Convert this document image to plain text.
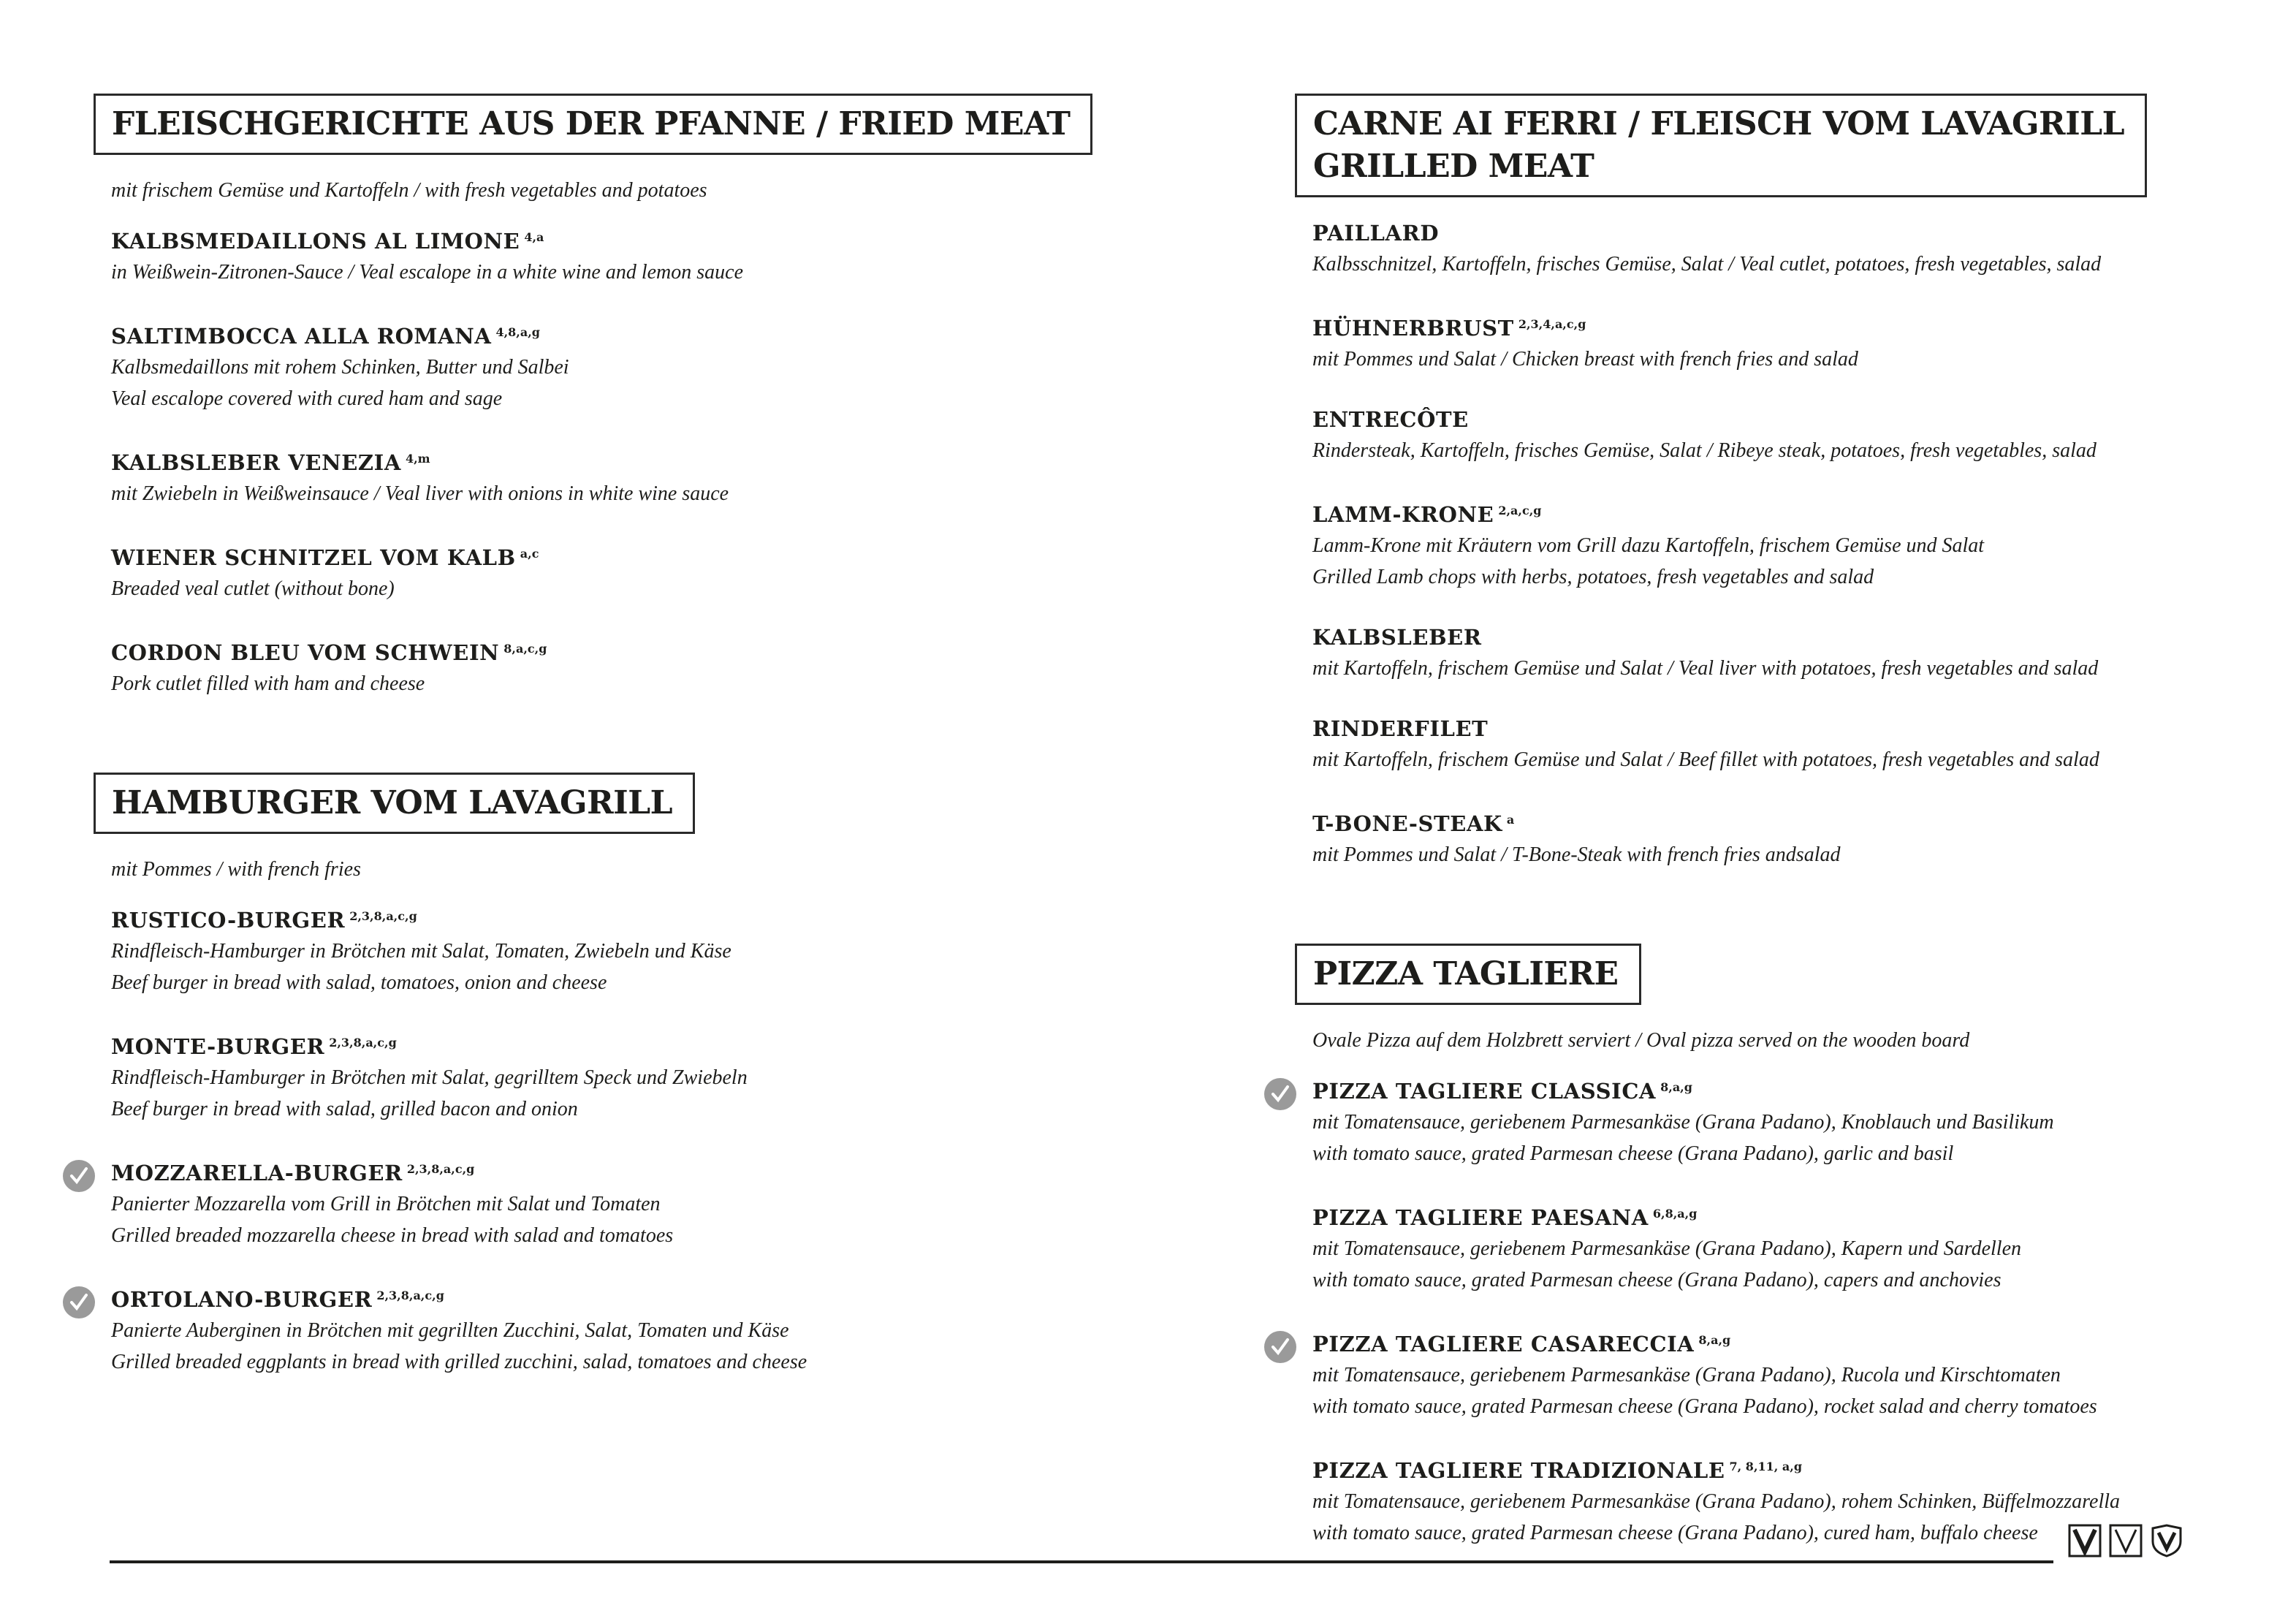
FLEISCHGERICHTE AUS DER PFANNE / FRIED MEAT
mit frischem Gemüse und Kartoffeln / with fresh vegetables and potatoes
KALBSMEDAILLONS AL LIMONE $^{4,a}$
in Weißwein-Zitronen-Sauce / Veal escalope in a white wine and lemon sauce
SALTIMBOCCA ALLA ROMANA $^{4,8,a,g}$
Kalbsmedaillons mit rohem Schinken, Butter und Salbei
Veal escalope covered with cured ham and sage
KALBSLEBER VENEZIA $^{4,m}$
mit Zwiebeln in Weißweinsauce / Veal liver with onions in white wine sauce
WIENER SCHNITZEL VOM KALB $^{a,c}$
Breaded veal cutlet (without bone)
CORDON BLEU VOM SCHWEIN $^{8,a,c,g}$
Pork cutlet filled with ham and cheese
HAMBURGER VOM LAVAGRILL
mit Pommes / with french fries
RUSTICO-BURGER $^{2,3,8,a,c,g}$
Rindfleisch-Hamburger in Brötchen mit Salat, Tomaten, Zwiebeln und Käse
Beef burger in bread with salad, tomatoes, onion and cheese
MONTE-BURGER $^{2,3,8,a,c,g}$
Rindfleisch-Hamburger in Brötchen mit Salat, gegrilltem Speck und Zwiebeln
Beef burger in bread with salad, grilled bacon and onion
MOZZARELLA-BURGER $^{2,3,8,a,c,g}$
Panierter Mozzarella vom Grill in Brötchen mit Salat und Tomaten
Grilled breaded mozzarella cheese in bread with salad and tomatoes
ORTOLANO-BURGER $^{2,3,8,a,c,g}$
Panierte Auberginen in Brötchen mit gegrillten Zucchini, Salat, Tomaten und Käse
Grilled breaded eggplants in bread with grilled zucchini, salad, tomatoes and cheese
CARNE AI FERRI / FLEISCH VOM LAVAGRILL
GRILLED MEAT
PAILLARD
Kalbsschnitzel, Kartoffeln, frisches Gemüse, Salat / Veal cutlet, potatoes, fresh vegetables, salad
HÜHNERBRUST $^{2,3,4,a,c,g}$
mit Pommes und Salat / Chicken breast with french fries and salad
ENTRECÔTE
Rindersteak, Kartoffeln, frisches Gemüse, Salat / Ribeye steak, potatoes, fresh vegetables, salad
LAMM-KRONE $^{2,a,c,g}$
Lamm-Krone mit Kräutern vom Grill dazu Kartoffeln, frischem Gemüse und Salat
Grilled Lamb chops with herbs, potatoes, fresh vegetables and salad
KALBSLEBER
mit Kartoffeln, frischem Gemüse und Salat / Veal liver with potatoes, fresh vegetables and salad
RINDERFILET
mit Kartoffeln, frischem Gemüse und Salat / Beef fillet with potatoes, fresh vegetables and salad
T-BONE-STEAK $^a$
mit Pommes und Salat / T-Bone-Steak with french fries andsalad
PIZZA TAGLIERE
Ovale Pizza auf dem Holzbrett serviert / Oval pizza served on the wooden board
PIZZA TAGLIERE CLASSICA $^{8,a,g}$
mit Tomatensauce, geriebenem Parmesankäse (Grana Padano), Knoblauch und Basilikum
with tomato sauce, grated Parmesan cheese (Grana Padano), garlic and basil
PIZZA TAGLIERE PAESANA $^{6,8,a,g}$
mit Tomatensauce, geriebenem Parmesankäse (Grana Padano), Kapern und Sardellen
with tomato sauce, grated Parmesan cheese (Grana Padano), capers and anchovies
PIZZA TAGLIERE CASARECCIA $^{8,a,g}$
mit Tomatensauce, geriebenem Parmesankäse (Grana Padano), Rucola und Kirschtomaten
with tomato sauce, grated Parmesan cheese (Grana Padano), rocket salad and cherry tomatoes
PIZZA TAGLIERE TRADIZIONALE $^{7, 8,11, a,g}$
mit Tomatensauce, geriebenem Parmesankäse (Grana Padano), rohem Schinken, Büffelmozzarella
with tomato sauce, grated Parmesan cheese (Grana Padano), cured ham, buffalo cheese
